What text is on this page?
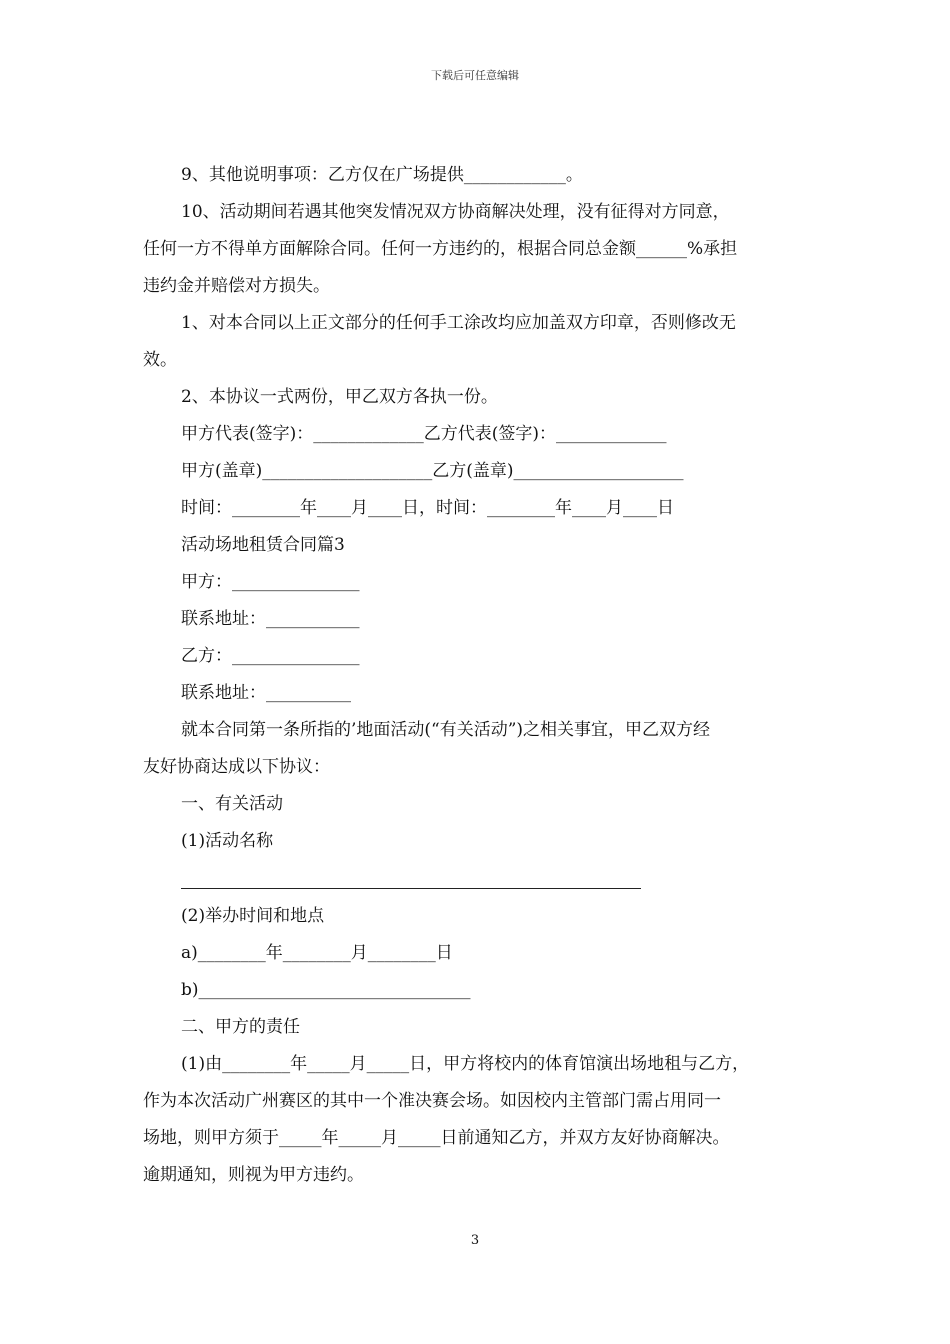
下载后可任意编辑

9、其他说明事项：乙方仅在广场提供____________。

10、活动期间若遇其他突发情况双方协商解决处理，没有征得对方同意，

任何一方不得单方面解除合同。任何一方违约的，根据合同总金额______%承担

违约金并赔偿对方损失。

1、对本合同以上正文部分的任何手工涂改均应加盖双方印章，否则修改无

效。

2、本协议一式两份，甲乙双方各执一份。

甲方代表(签字)：_____________乙方代表(签字)：_____________

甲方(盖章)____________________乙方(盖章)____________________

时间：________年____月____日，时间：________年____月____日

活动场地租赁合同篇3

甲方：_______________

联系地址：___________

乙方：_______________

联系地址：__________

就本合同第一条所指的’地面活动(“有关活动”)之相关事宜，甲乙双方经

友好协商达成以下协议：

一、有关活动

(1)活动名称

(2)举办时间和地点

a)________年________月________日

b)________________________________

二、甲方的责任

(1)由________年_____月_____日，甲方将校内的体育馆演出场地租与乙方，

作为本次活动广州赛区的其中一个准决赛会场。如因校内主管部门需占用同一

场地，则甲方须于_____年_____月_____日前通知乙方，并双方友好协商解决。

逾期通知，则视为甲方违约。

3
